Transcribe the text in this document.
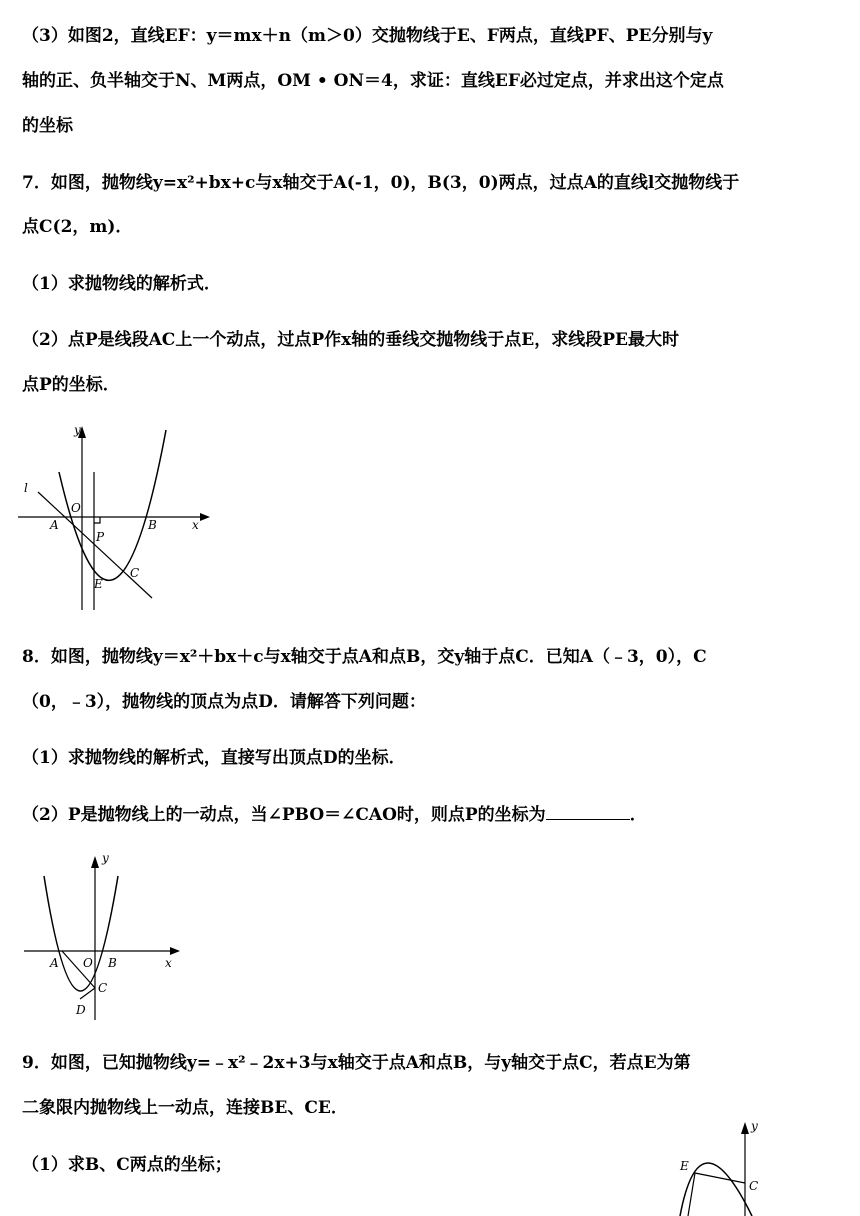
（3）如图2，直线EF：y＝mx＋n（m＞0）交抛物线于E、F两点，直线PF、PE分别与y
轴的正、负半轴交于N、M两点，OM • ON＝4，求证：直线EF必过定点，并求出这个定点
的坐标
7．如图，抛物线y=x²+bx+c与x轴交于A(-1，0)，B(3，0)两点，过点A的直线l交抛物线于
点C(2，m)．
（1）求抛物线的解析式．
（2）点P是线段AC上一个动点，过点P作x轴的垂线交抛物线于点E，求线段PE最大时
点P的坐标．
y
l
O
A	B	x
P
C
E
8．如图，抛物线y＝x²＋bx＋c与x轴交于点A和点B，交y轴于点C．已知A（﹣3，0），C
（0，﹣3），抛物线的顶点为点D．请解答下列问题：
（1）求抛物线的解析式，直接写出顶点D的坐标．
（2）P是抛物线上的一动点，当∠PBO＝∠CAO时，则点P的坐标为	．
y
A O B	x
C
D
9．如图，已知抛物线y=﹣x²﹣2x+3与x轴交于点A和点B，与y轴交于点C，若点E为第
二象限内抛物线上一动点，连接BE、CE．
（1）求B、C两点的坐标；
y
E
C
